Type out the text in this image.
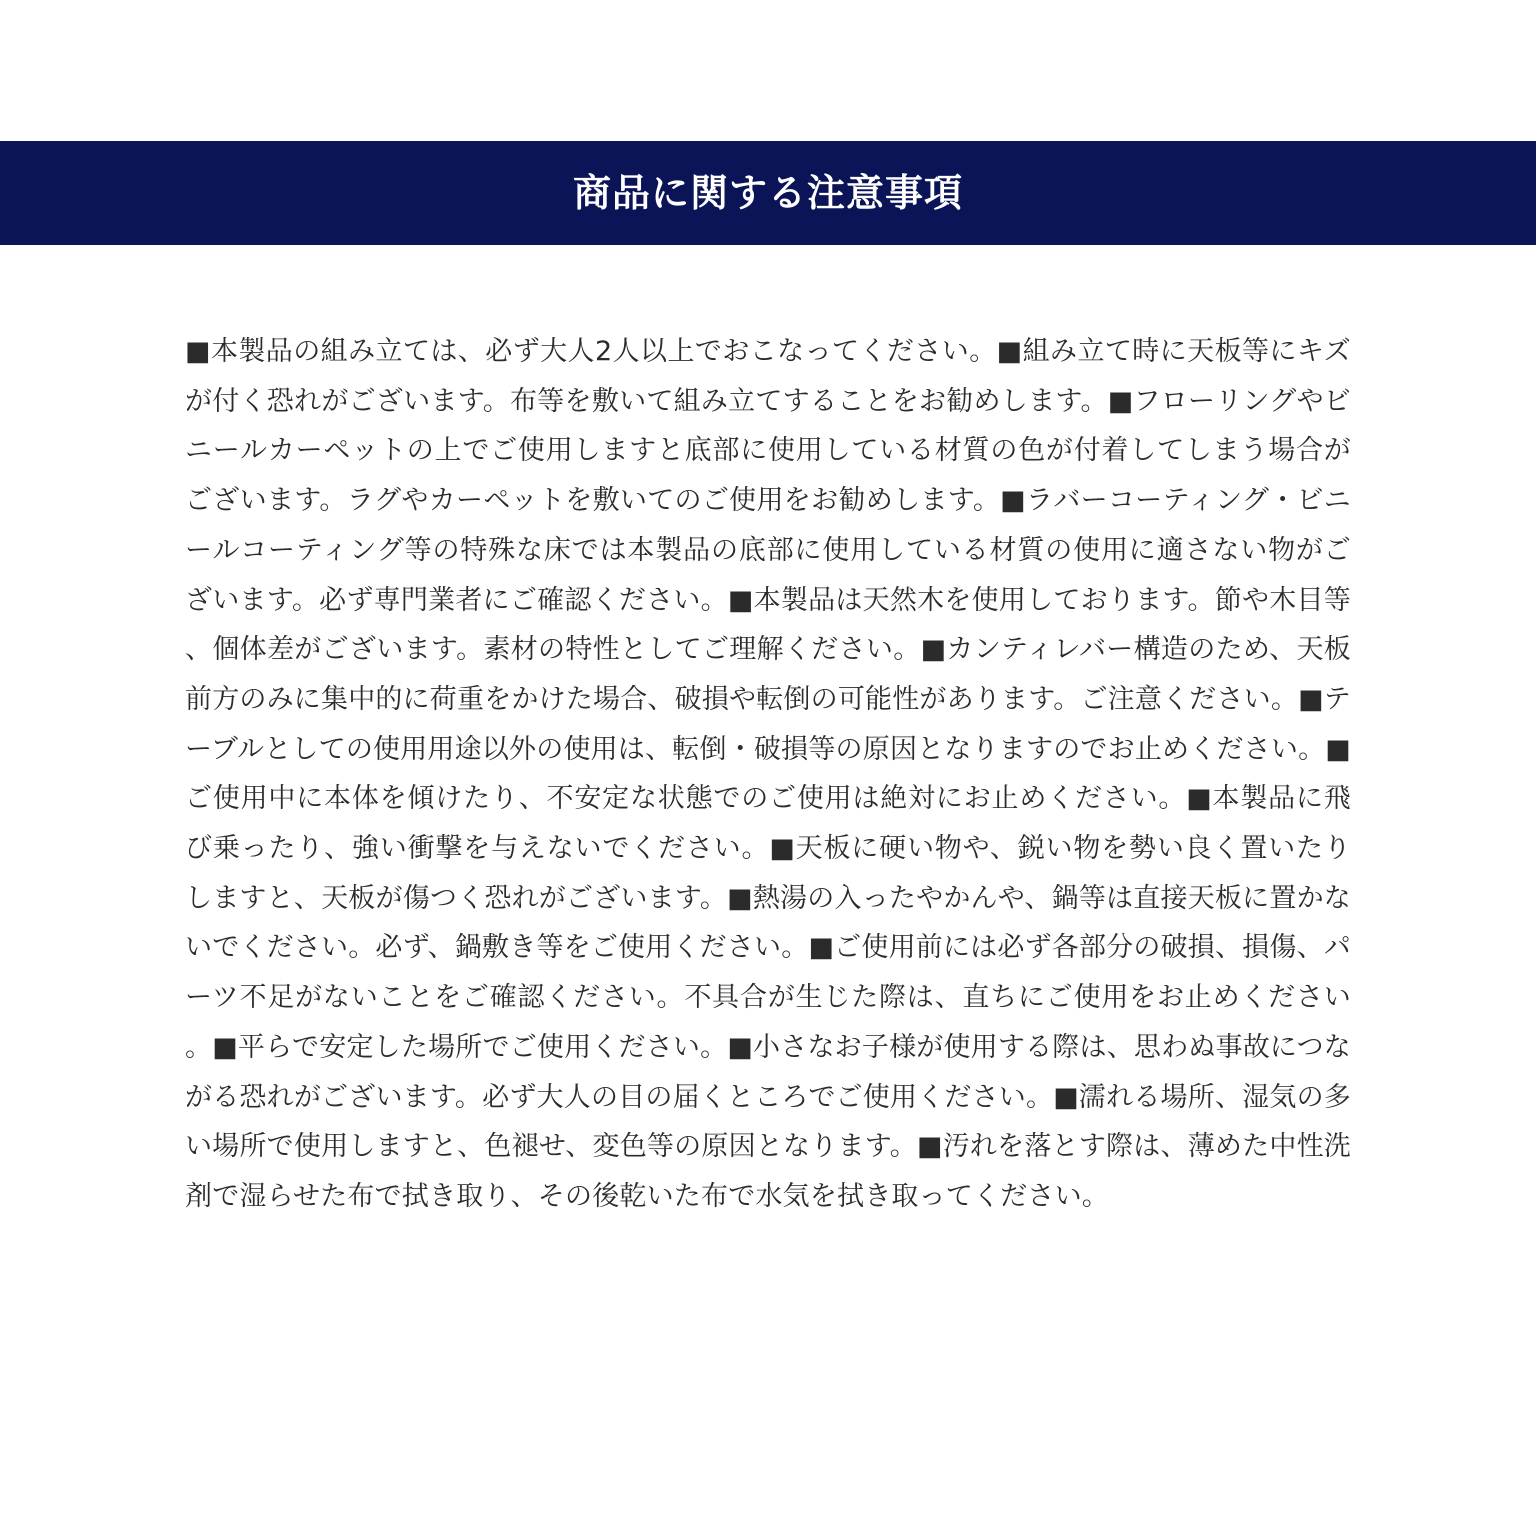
商品に関する注意事項
■本製品の組み立ては、必ず大人2人以上でおこなってください。■組み立て時に天板等にキズが付く恐れがございます。布等を敷いて組み立てすることをお勧めします。■フローリングやビニールカーペットの上でご使用しますと底部に使用している材質の色が付着してしまう場合がございます。ラグやカーペットを敷いてのご使用をお勧めします。■ラバーコーティング・ビニールコーティング等の特殊な床では本製品の底部に使用している材質の使用に適さない物がございます。必ず専門業者にご確認ください。■本製品は天然木を使用しております。節や木目等、個体差がございます。素材の特性としてご理解ください。■カンティレバー構造のため、天板前方のみに集中的に荷重をかけた場合、破損や転倒の可能性があります。ご注意ください。■テーブルとしての使用用途以外の使用は、転倒・破損等の原因となりますのでお止めください。■ご使用中に本体を傾けたり、不安定な状態でのご使用は絶対にお止めください。■本製品に飛び乗ったり、強い衝撃を与えないでください。■天板に硬い物や、鋭い物を勢い良く置いたりしますと、天板が傷つく恐れがございます。■熱湯の入ったやかんや、鍋等は直接天板に置かないでください。必ず、鍋敷き等をご使用ください。■ご使用前には必ず各部分の破損、損傷、パーツ不足がないことをご確認ください。不具合が生じた際は、直ちにご使用をお止めください。■平らで安定した場所でご使用ください。■小さなお子様が使用する際は、思わぬ事故につながる恐れがございます。必ず大人の目の届くところでご使用ください。■濡れる場所、湿気の多い場所で使用しますと、色褪せ、変色等の原因となります。■汚れを落とす際は、薄めた中性洗剤で湿らせた布で拭き取り、その後乾いた布で水気を拭き取ってください。
